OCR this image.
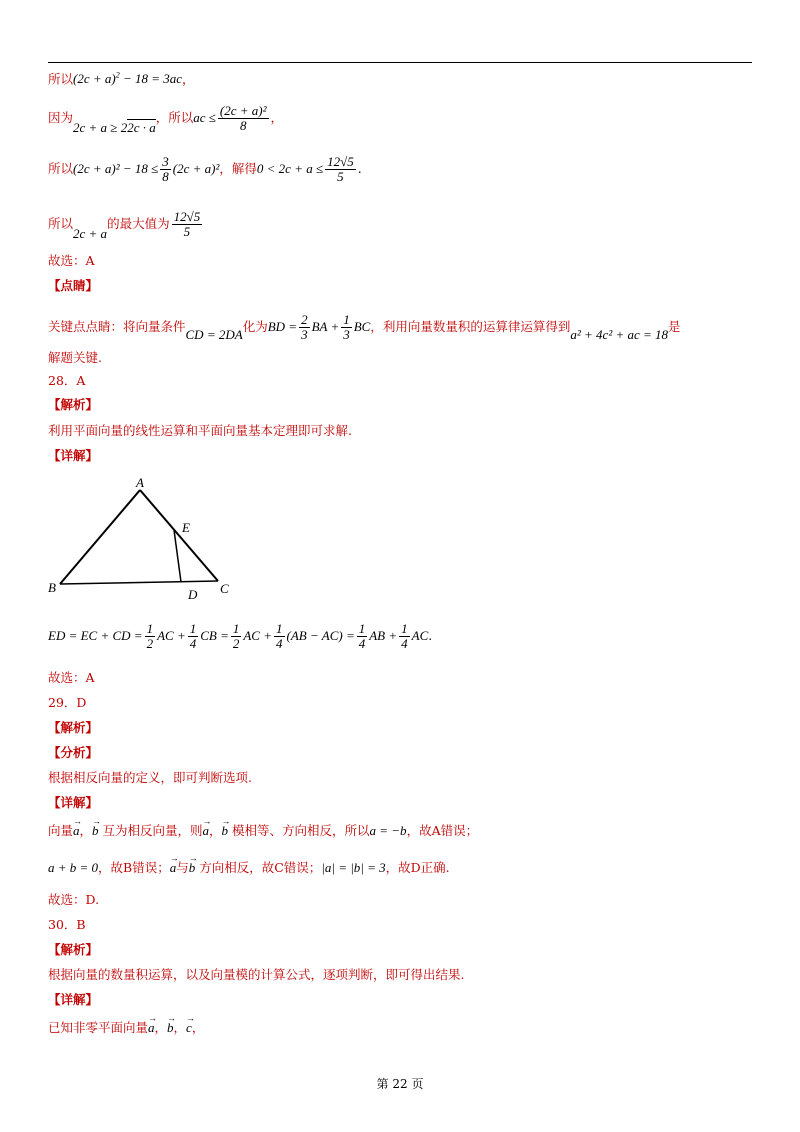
所以$(2c + a)^2 - 18 = 3ac$，
因为2c + a ≥ 22c · a，所以ac ≤ $\frac{\text{(2c + a)²}}{8}$ ，
所以$(2c + a)^2 - 18 \le \frac{3}{8} (2c + a)^2$，解得$0 < 2c + a \le \frac{12√5}{5}$ .
所以2c + a的最大值为 $\frac{12√5}{5}$
故选：A
【点睛】
关键点点睛：将向量条件CD = 2DA化为BD = $\frac{2}{3}$ BA + $\frac{1}{3}$ BC，利用向量数量积的运算律运算得到a² + 4c² + ac = 18是
解题关键.
28．A
【解析】
利用平面向量的线性运算和平面向量基本定理即可求解.
【详解】
A
B	C
D
E
ED = EC + CD = $\frac{1}{2}$ AC + $\frac{1}{4}$ CB = $\frac{1}{2}$ AC + $\frac{1}{4} (AB - AC) = \frac{1}{4}$ AB + $\frac{1}{4}$ AC.
故选：A
29．D
【解析】
【分析】
根据相反向量的定义，即可判断选项.
【详解】
向量→ a，→ b 互为相反向量，则→ a，→ b 模相等、方向相反，所以a = −b，故A错误；
a + b = 0，故B错误；→ a与→ b 方向相反，故C错误；|a| = |b| = 3，故D正确.
故选：D.
30．B
【解析】
根据向量的数量积运算，以及向量模的计算公式，逐项判断，即可得出结果.
【详解】
已知非零平面向量→ a，→ b，→ c，
第 22 页
